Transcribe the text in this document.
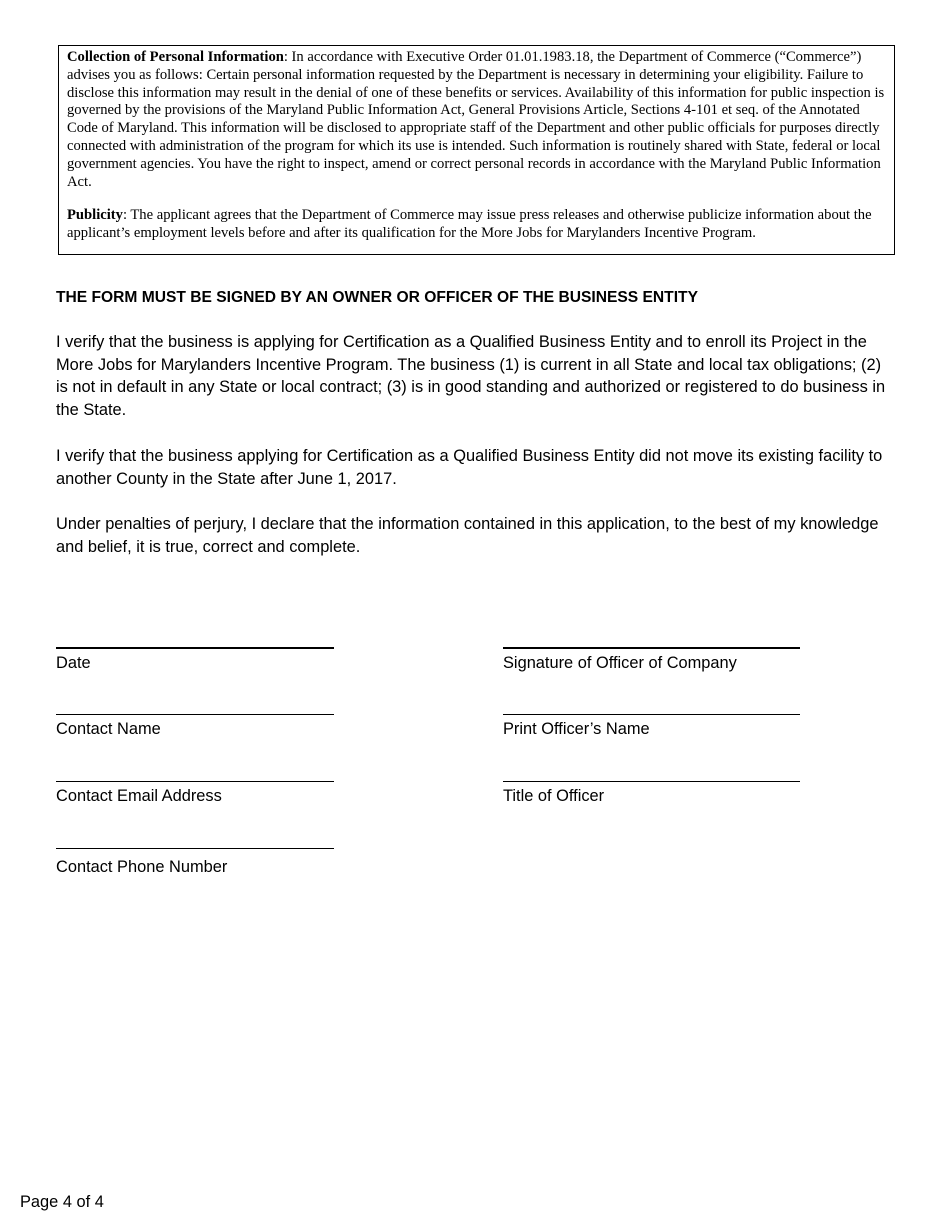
Collection of Personal Information: In accordance with Executive Order 01.01.1983.18, the Department of Commerce (“Commerce”) advises you as follows: Certain personal information requested by the Department is necessary in determining your eligibility. Failure to disclose this information may result in the denial of one of these benefits or services. Availability of this information for public inspection is governed by the provisions of the Maryland Public Information Act, General Provisions Article, Sections 4-101 et seq. of the Annotated Code of Maryland. This information will be disclosed to appropriate staff of the Department and other public officials for purposes directly connected with administration of the program for which its use is intended. Such information is routinely shared with State, federal or local government agencies. You have the right to inspect, amend or correct personal records in accordance with the Maryland Public Information Act.

Publicity: The applicant agrees that the Department of Commerce may issue press releases and otherwise publicize information about the applicant’s employment levels before and after its qualification for the More Jobs for Marylanders Incentive Program.

THE FORM MUST BE SIGNED BY AN OWNER OR OFFICER OF THE BUSINESS ENTITY

I verify that the business is applying for Certification as a Qualified Business Entity and to enroll its Project in the More Jobs for Marylanders Incentive Program. The business (1) is current in all State and local tax obligations; (2) is not in default in any State or local contract; (3) is in good standing and authorized or registered to do business in the State.

I verify that the business applying for Certification as a Qualified Business Entity did not move its existing facility to another County in the State after June 1, 2017.

Under penalties of perjury, I declare that the information contained in this application, to the best of my knowledge and belief, it is true, correct and complete.

Date	Signature of Officer of Company
Contact Name	Print Officer’s Name
Contact Email Address	Title of Officer
Contact Phone Number
Page 4 of 4
